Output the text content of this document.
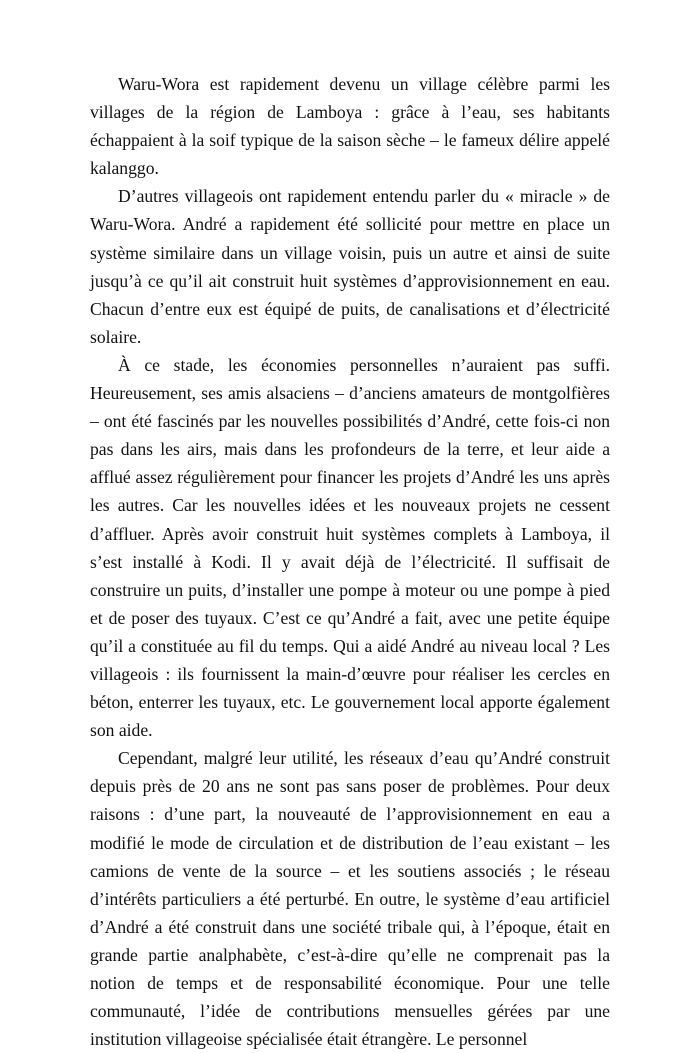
Waru-Wora est rapidement devenu un village célèbre parmi les villages de la région de Lamboya : grâce à l’eau, ses habitants échappaient à la soif typique de la saison sèche – le fameux délire appelé kalanggo.

D’autres villageois ont rapidement entendu parler du « miracle » de Waru-Wora. André a rapidement été sollicité pour mettre en place un système similaire dans un village voisin, puis un autre et ainsi de suite jusqu’à ce qu’il ait construit huit systèmes d’approvisionnement en eau. Chacun d’entre eux est équipé de puits, de canalisations et d’électricité solaire.

À ce stade, les économies personnelles n’auraient pas suffi. Heureusement, ses amis alsaciens – d’anciens amateurs de montgolfières – ont été fascinés par les nouvelles possibilités d’André, cette fois-ci non pas dans les airs, mais dans les profondeurs de la terre, et leur aide a afflué assez régulièrement pour financer les projets d’André les uns après les autres. Car les nouvelles idées et les nouveaux projets ne cessent d’affluer. Après avoir construit huit systèmes complets à Lamboya, il s’est installé à Kodi. Il y avait déjà de l’électricité. Il suffisait de construire un puits, d’installer une pompe à moteur ou une pompe à pied et de poser des tuyaux. C’est ce qu’André a fait, avec une petite équipe qu’il a constituée au fil du temps. Qui a aidé André au niveau local ? Les villageois : ils fournissent la main-d’œuvre pour réaliser les cercles en béton, enterrer les tuyaux, etc. Le gouvernement local apporte également son aide.

Cependant, malgré leur utilité, les réseaux d’eau qu’André construit depuis près de 20 ans ne sont pas sans poser de problèmes. Pour deux raisons : d’une part, la nouveauté de l’approvisionnement en eau a modifié le mode de circulation et de distribution de l’eau existant – les camions de vente de la source – et les soutiens associés ; le réseau d’intérêts particuliers a été perturbé. En outre, le système d’eau artificiel d’André a été construit dans une société tribale qui, à l’époque, était en grande partie analphabète, c’est-à-dire qu’elle ne comprenait pas la notion de temps et de responsabilité économique. Pour une telle communauté, l’idée de contributions mensuelles gérées par une institution villageoise spécialisée était étrangère. Le personnel
